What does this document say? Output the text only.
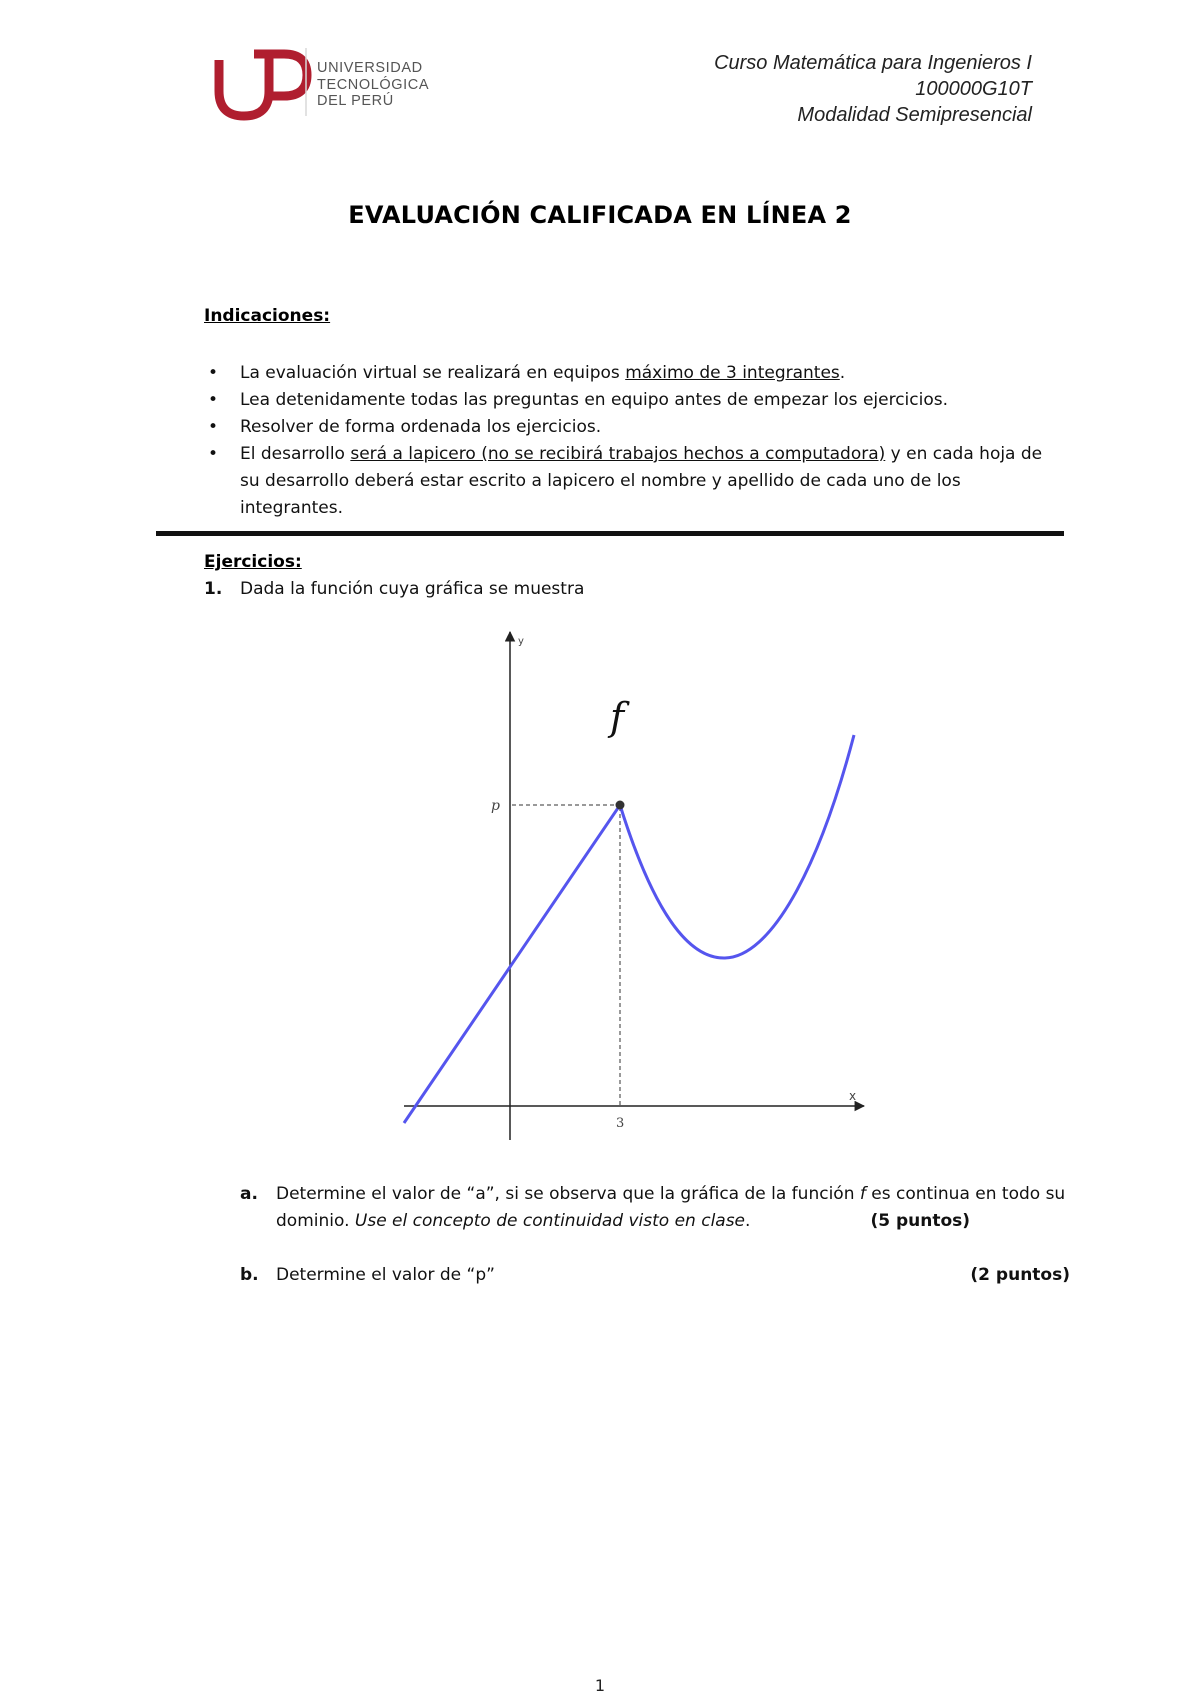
UNIVERSIDAD
TECNOLÓGICA
DEL PERÚ
Curso Matemática para Ingenieros I
100000G10T
Modalidad Semipresencial
EVALUACIÓN CALIFICADA EN LÍNEA 2
Indicaciones:
• La evaluación virtual se realizará en equipos máximo de 3 integrantes.
• Lea detenidamente todas las preguntas en equipo antes de empezar los ejercicios.
• Resolver de forma ordenada los ejercicios.
• El desarrollo será a lapicero (no se recibirá trabajos hechos a computadora) y en cada hoja de su desarrollo deberá estar escrito a lapicero el nombre y apellido de cada uno de los integrantes.
Ejercicios:
1. Dada la función cuya gráfica se muestra
y
x
3
p
f
a. Determine el valor de “a”, si se observa que la gráfica de la función f es continua en todo su dominio. Use el concepto de continuidad visto en clase.	(5 puntos)
b. Determine el valor de “p”	(2 puntos)
1
